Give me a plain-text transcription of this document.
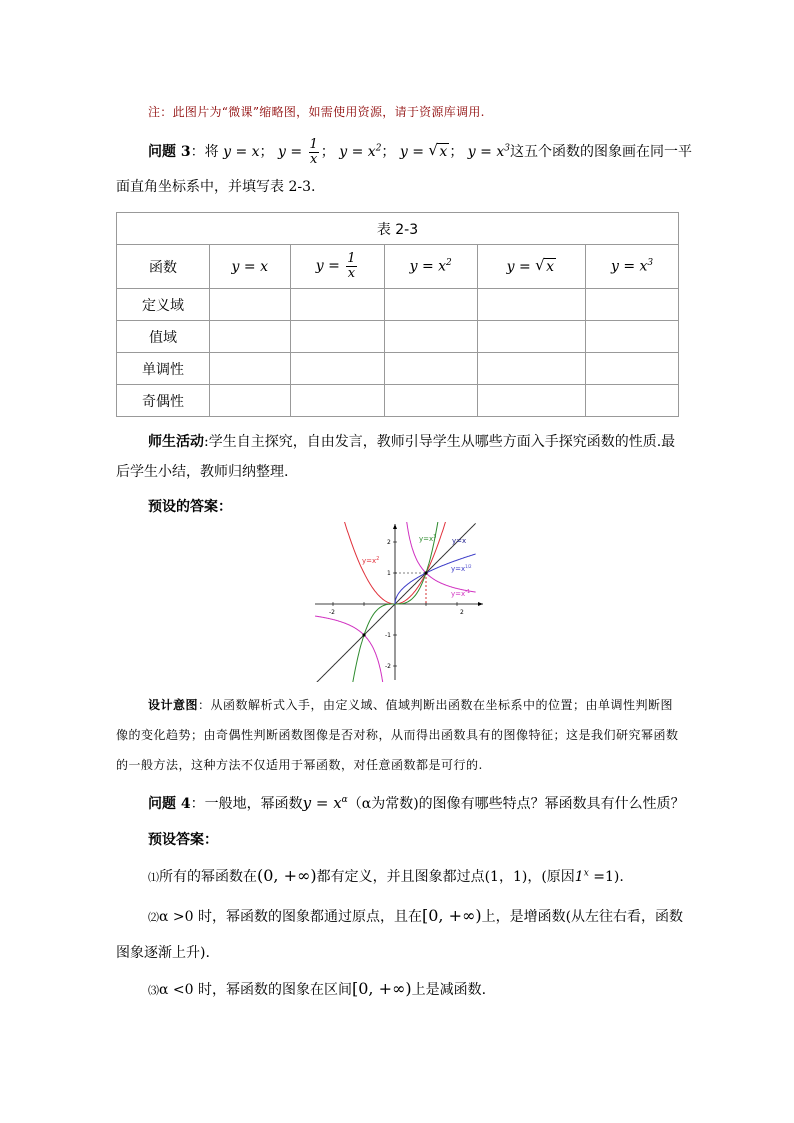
注：此图片为“微课”缩略图，如需使用资源，请于资源库调用.
问题 3：将 y = x； $y = \frac{1}{x}$ ； $y = x^2$； y = √ x ； $y = x^3$这五个函数的图象画在同一平
面直角坐标系中，并填写表 2-3.
表 2-3					
函数	y = x	$y = \frac{1}{x}$	$y = x^2$	y = √ x	$y = x^3$
定义域					
值域					
单调性					
奇偶性					
师生活动:学生自主探究，自由发言，教师引导学生从哪些方面入手探究函数的性质.最后学生小结，教师归纳整理.
预设的答案：
-2	2
2
1
-1
-2
$y=x^2$
$y=x^3$ y=x
$y=x^{1/2}$
$y=x^{-1}$
设计意图：从函数解析式入手，由定义域、值域判断出函数在坐标系中的位置；由单调性判断图像的变化趋势；由奇偶性判断函数图像是否对称，从而得出函数具有的图像特征；这是我们研究幂函数的一般方法，这种方法不仅适用于幂函数，对任意函数都是可行的.
问题 4：一般地，幂函数$y = x^\alpha(\alpha$为常数)的图像有哪些特点？幂函数具有什么性质？
预设答案：
⑴所有的幂函数在(0, +∞)都有定义，并且图象都过点(1，1)，(原因$1^x =1$).
⑵α >0 时，幂函数的图象都通过原点，且在[0, +∞)上，是增函数(从左往右看，函数
图象逐渐上升).
⑶α <0 时，幂函数的图象在区间[0, +∞)上是减函数.
